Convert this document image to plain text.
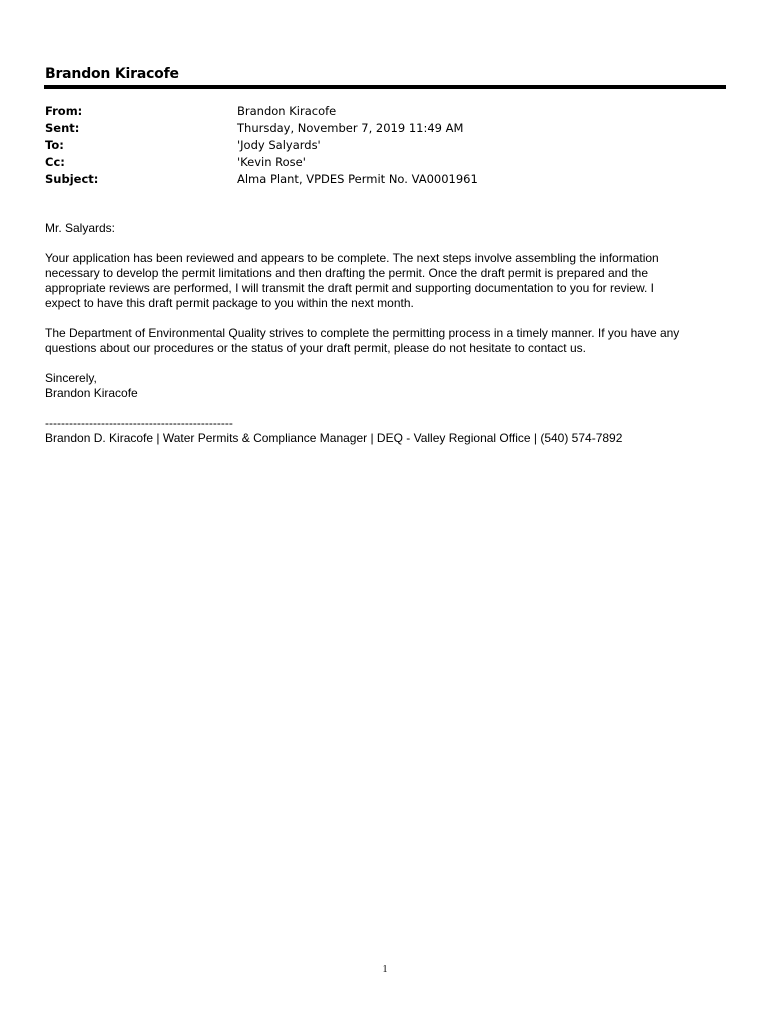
Brandon Kiracofe
From:	Brandon Kiracofe
Sent:	Thursday, November 7, 2019 11:49 AM
To:	'Jody Salyards'
Cc:	'Kevin Rose'
Subject:	Alma Plant, VPDES Permit No. VA0001961

Mr. Salyards:

Your application has been reviewed and appears to be complete. The next steps involve assembling the information

necessary to develop the permit limitations and then drafting the permit. Once the draft permit is prepared and the

appropriate reviews are performed, I will transmit the draft permit and supporting documentation to you for review. I

expect to have this draft permit package to you within the next month.

The Department of Environmental Quality strives to complete the permitting process in a timely manner. If you have any

questions about our procedures or the status of your draft permit, please do not hesitate to contact us.

Sincerely,

Brandon Kiracofe

-----------------------------------------------

Brandon D. Kiracofe | Water Permits & Compliance Manager | DEQ - Valley Regional Office | (540) 574-7892

1
